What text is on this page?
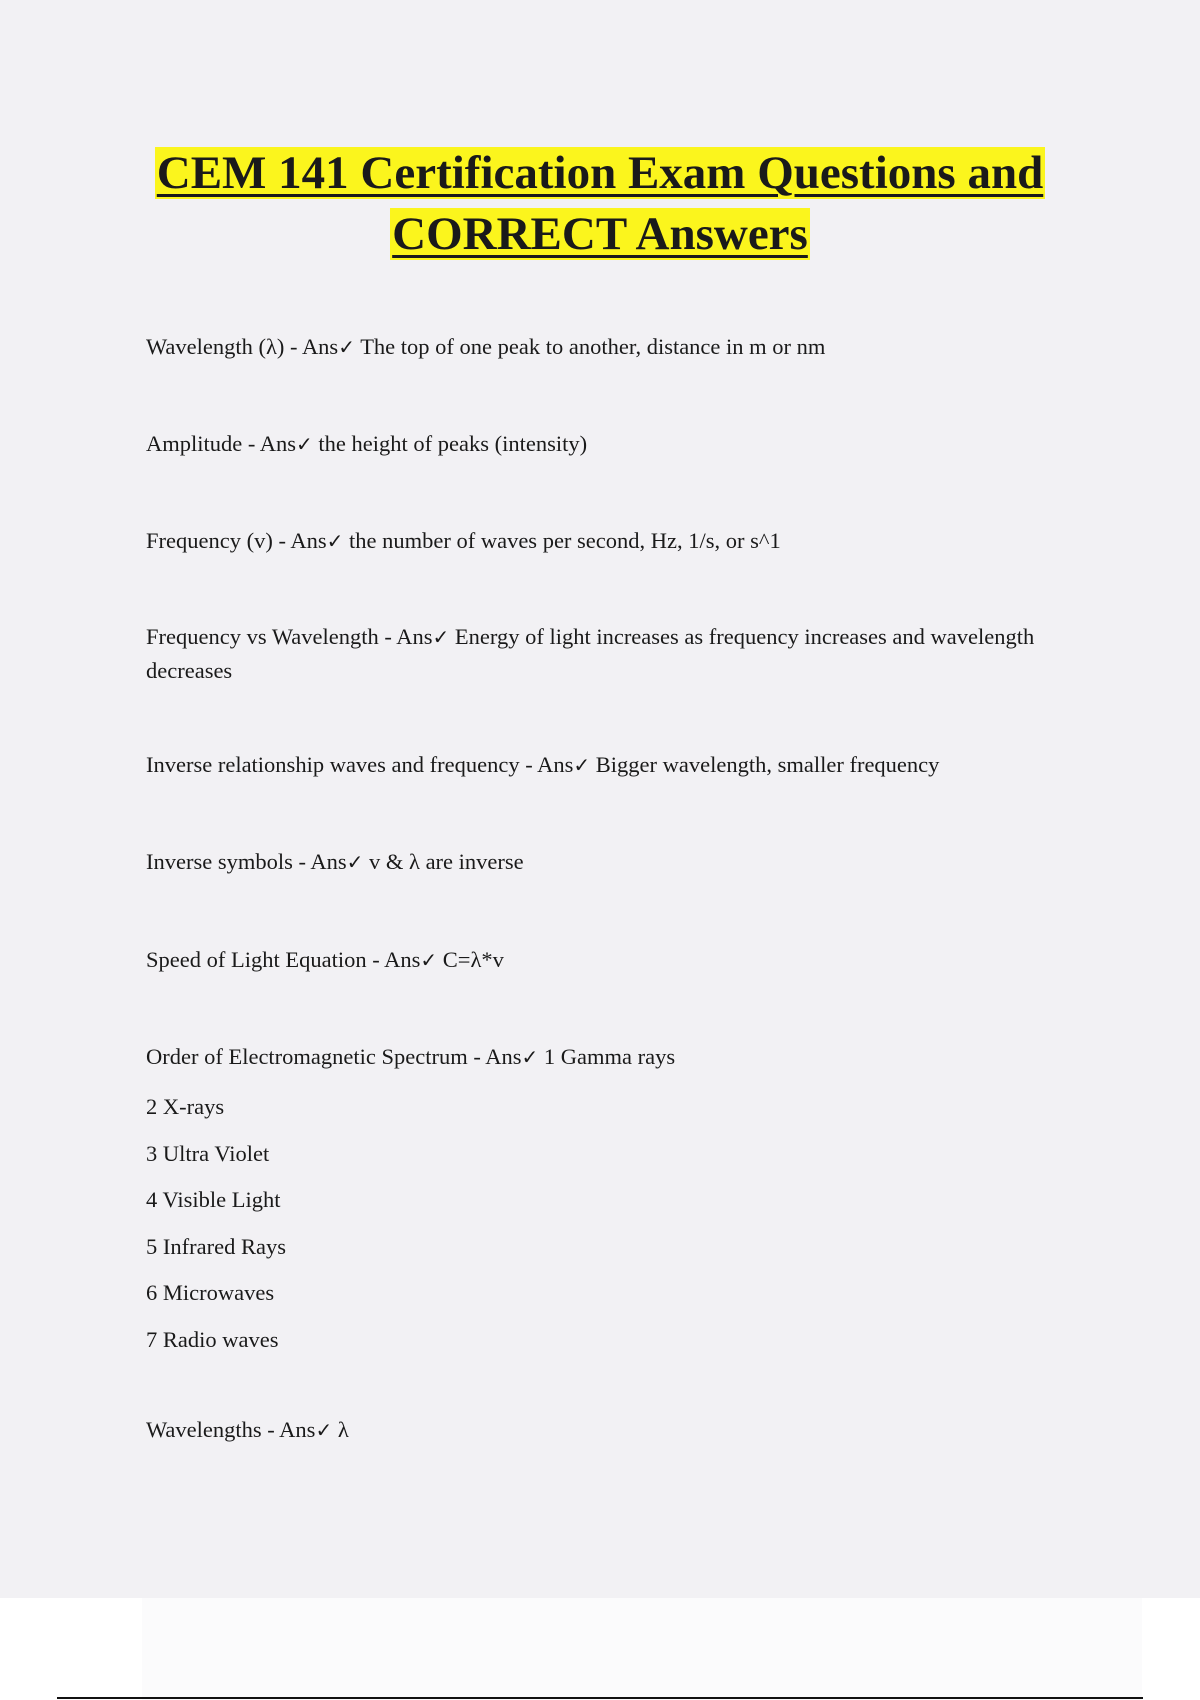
CEM 141 Certification Exam Questions and
CORRECT Answers

Wavelength (λ) - Ans✓ The top of one peak to another, distance in m or nm

Amplitude - Ans✓ the height of peaks (intensity)

Frequency (v) - Ans✓ the number of waves per second, Hz, 1/s, or s^1

Frequency vs Wavelength - Ans✓ Energy of light increases as frequency increases and wavelength decreases

Inverse relationship waves and frequency - Ans✓ Bigger wavelength, smaller frequency

Inverse symbols - Ans✓ v & λ are inverse

Speed of Light Equation - Ans✓ C=λ*v

Order of Electromagnetic Spectrum - Ans✓ 1 Gamma rays

2 X-rays
3 Ultra Violet
4 Visible Light
5 Infrared Rays
6 Microwaves
7 Radio waves

Wavelengths - Ans✓ λ
